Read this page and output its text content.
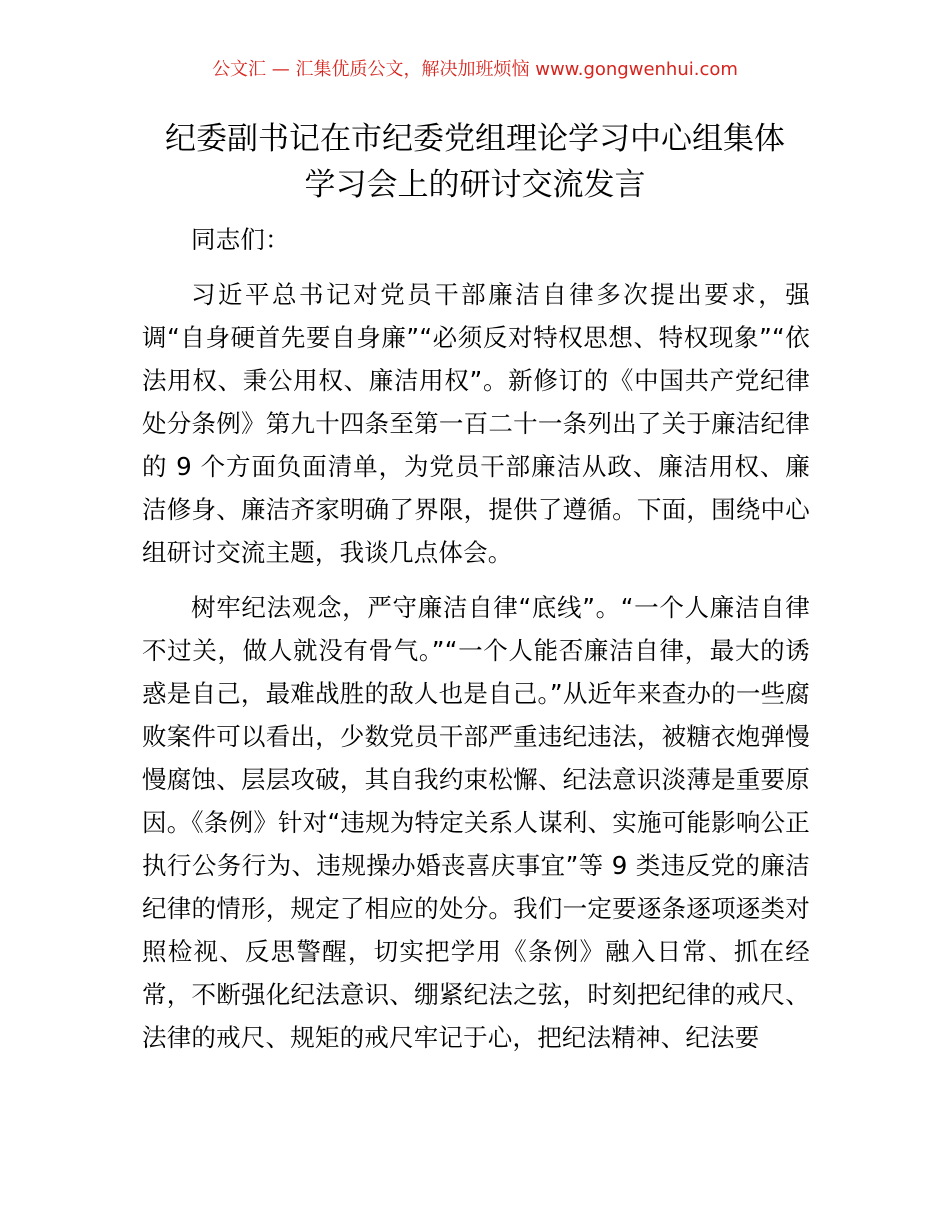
公文汇 — 汇集优质公文，解决加班烦恼 www.gongwenhui.com
纪委副书记在市纪委党组理论学习中心组集体
学习会上的研讨交流发言

同志们：

习近平总书记对党员干部廉洁自律多次提出要求，强调“自身硬首先要自身廉”“必须反对特权思想、特权现象”“依法用权、秉公用权、廉洁用权”。新修订的《中国共产党纪律处分条例》第九十四条至第一百二十一条列出了关于廉洁纪律的 9 个方面负面清单，为党员干部廉洁从政、廉洁用权、廉洁修身、廉洁齐家明确了界限，提供了遵循。下面，围绕中心组研讨交流主题，我谈几点体会。

树牢纪法观念，严守廉洁自律“底线”。“一个人廉洁自律不过关，做人就没有骨气。”“一个人能否廉洁自律，最大的诱惑是自己，最难战胜的敌人也是自己。”从近年来查办的一些腐败案件可以看出，少数党员干部严重违纪违法，被糖衣炮弹慢慢腐蚀、层层攻破，其自我约束松懈、纪法意识淡薄是重要原因。《条例》针对“违规为特定关系人谋利、实施可能影响公正执行公务行为、违规操办婚丧喜庆事宜”等 9 类违反党的廉洁纪律的情形，规定了相应的处分。我们一定要逐条逐项逐类对照检视、反思警醒，切实把学用《条例》融入日常、抓在经常，不断强化纪法意识、绷紧纪法之弦，时刻把纪律的戒尺、法律的戒尺、规矩的戒尺牢记于心，把纪法精神、纪法要
